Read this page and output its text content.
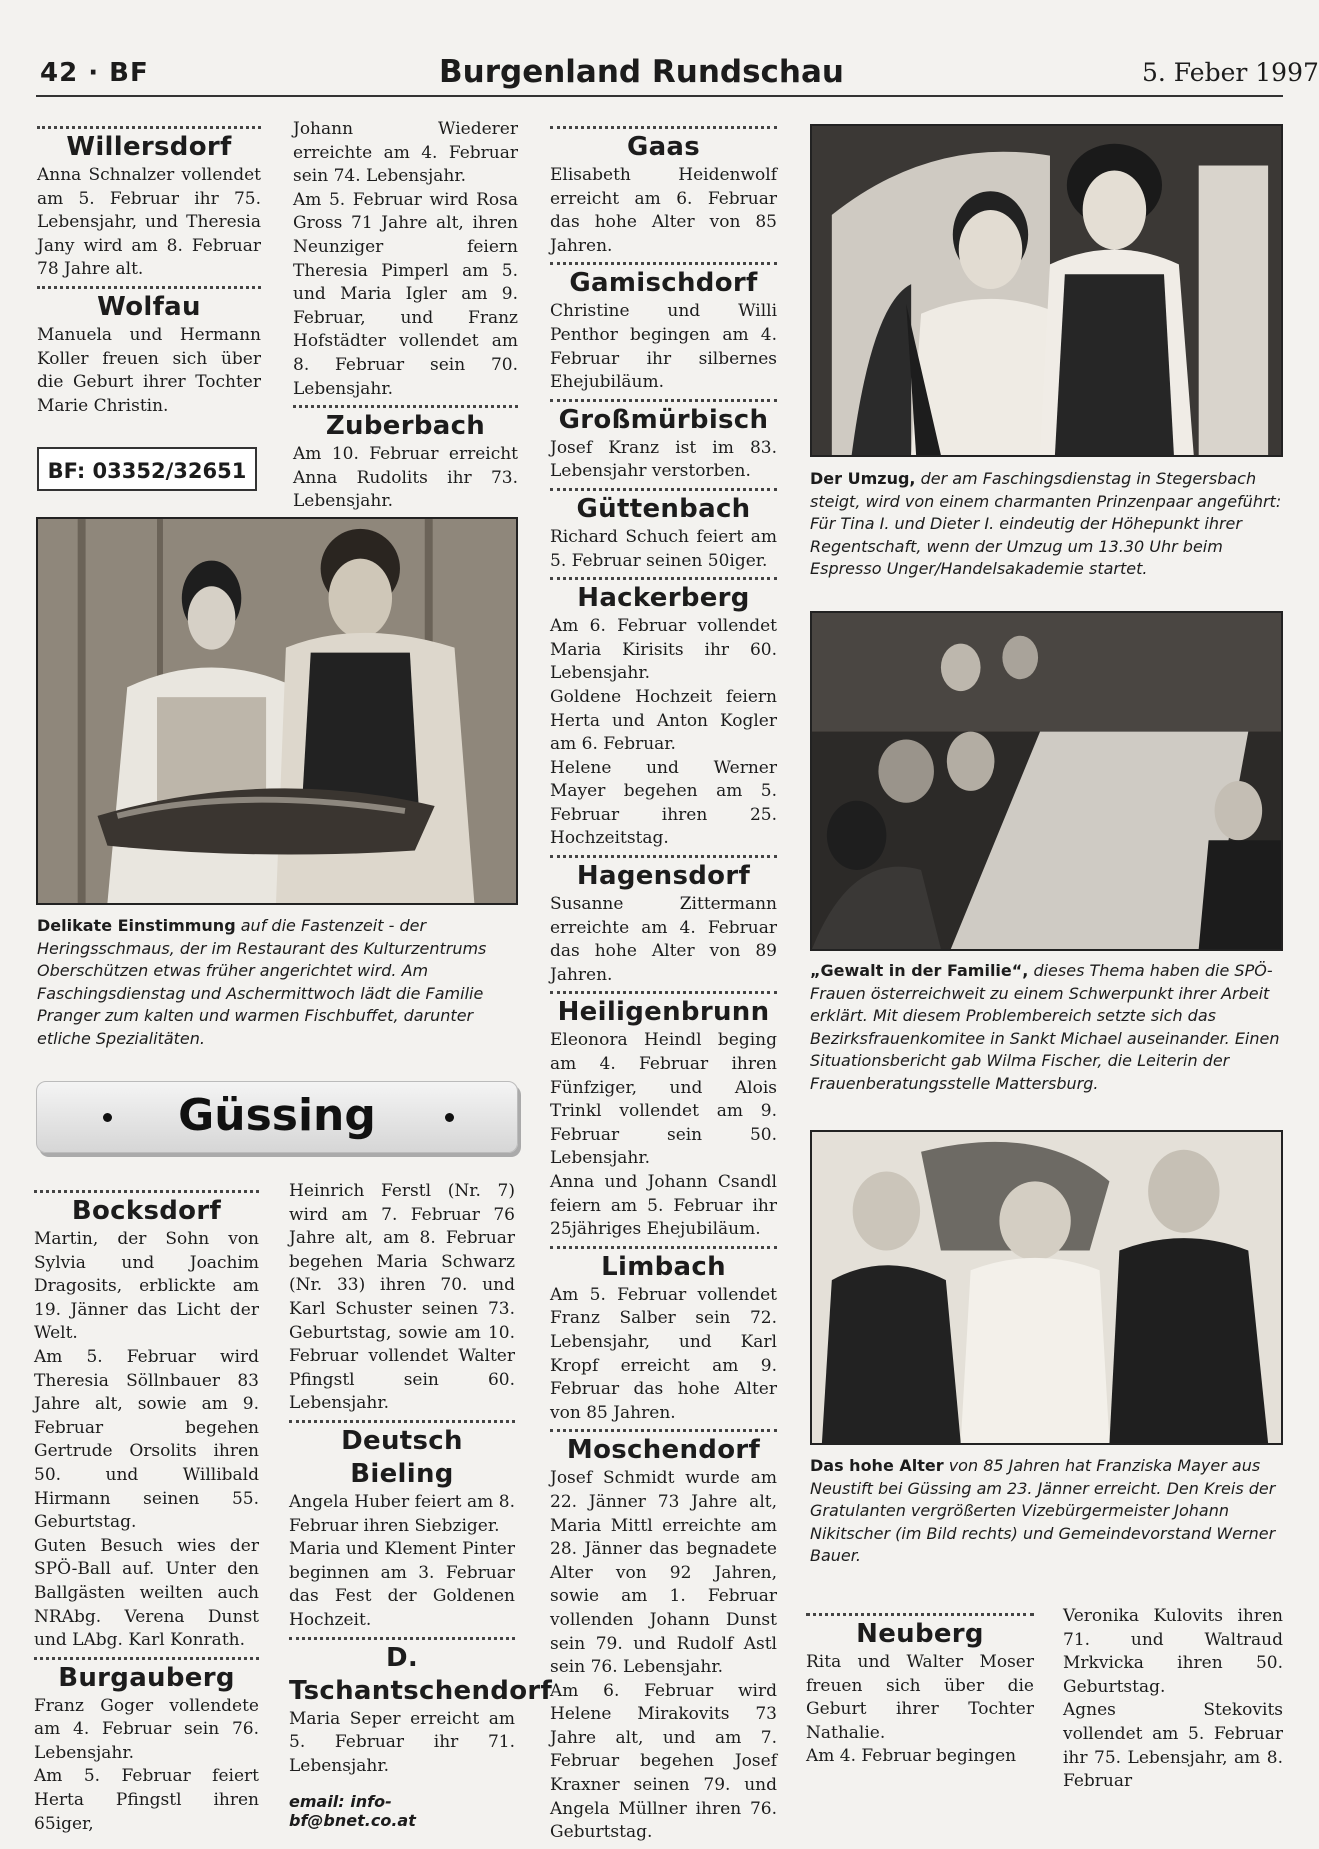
42 · BF	Burgenland Rundschau	5. Feber 1997
Willersdorf

Anna Schnalzer vollendet am 5. Februar ihr 75. Lebensjahr, und Theresia Jany wird am 8. Februar 78 Jahre alt.

Wolfau

Manuela und Hermann Koller freuen sich über die Geburt ihrer Tochter Marie Christin.

BF: 03352/32651

Johann Wiederer erreichte am 4. Februar sein 74. Lebensjahr.

Am 5. Februar wird Rosa Gross 71 Jahre alt, ihren Neunziger feiern Theresia Pimperl am 5. und Maria Igler am 9. Februar, und Franz Hofstädter vollendet am 8. Februar sein 70. Lebensjahr.

Zuberbach

Am 10. Februar erreicht Anna Rudolits ihr 73. Lebensjahr.

Delikate Einstimmung auf die Fastenzeit - der Heringsschmaus, der im Restaurant des Kulturzentrums Oberschützen etwas früher angerichtet wird. Am Faschingsdienstag und Aschermittwoch lädt die Familie Pranger zum kalten und warmen Fischbuffet, darunter etliche Spezialitäten.
Güssing
Bocksdorf

Martin, der Sohn von Sylvia und Joachim Dragosits, erblickte am 19. Jänner das Licht der Welt.

Am 5. Februar wird Theresia Söllnbauer 83 Jahre alt, sowie am 9. Februar begehen Gertrude Orsolits ihren 50. und Willibald Hirmann seinen 55. Geburtstag.

Guten Besuch wies der SPÖ-Ball auf. Unter den Ballgästen weilten auch NRAbg. Verena Dunst und LAbg. Karl Konrath.

Burgauberg

Franz Goger vollendete am 4. Februar sein 76. Lebensjahr.

Am 5. Februar feiert Herta Pfingstl ihren 65iger,

Heinrich Ferstl (Nr. 7) wird am 7. Februar 76 Jahre alt, am 8. Februar begehen Maria Schwarz (Nr. 33) ihren 70. und Karl Schuster seinen 73. Geburtstag, sowie am 10. Februar vollendet Walter Pfingstl sein 60. Lebensjahr.

Deutsch Bieling

Angela Huber feiert am 8. Februar ihren Siebziger.

Maria und Klement Pinter beginnen am 3. Februar das Fest der Goldenen Hochzeit.

D. Tschantschendorf

Maria Seper erreicht am 5. Februar ihr 71. Lebensjahr.

email: info-bf@bnet.co.at
Gaas

Elisabeth Heidenwolf erreicht am 6. Februar das hohe Alter von 85 Jahren.

Gamischdorf

Christine und Willi Penthor begingen am 4. Februar ihr silbernes Ehejubiläum.

Großmürbisch

Josef Kranz ist im 83. Lebensjahr verstorben.

Güttenbach

Richard Schuch feiert am 5. Februar seinen 50iger.

Hackerberg

Am 6. Februar vollendet Maria Kirisits ihr 60. Lebensjahr.

Goldene Hochzeit feiern Herta und Anton Kogler am 6. Februar.

Helene und Werner Mayer begehen am 5. Februar ihren 25. Hochzeitstag.

Hagensdorf

Susanne Zittermann erreichte am 4. Februar das hohe Alter von 89 Jahren.

Heiligenbrunn

Eleonora Heindl beging am 4. Februar ihren Fünfziger, und Alois Trinkl vollendet am 9. Februar sein 50. Lebensjahr.

Anna und Johann Csandl feiern am 5. Februar ihr 25jähriges Ehejubiläum.

Limbach

Am 5. Februar vollendet Franz Salber sein 72. Lebensjahr, und Karl Kropf erreicht am 9. Februar das hohe Alter von 85 Jahren.

Moschendorf

Josef Schmidt wurde am 22. Jänner 73 Jahre alt, Maria Mittl erreichte am 28. Jänner das begnadete Alter von 92 Jahren, sowie am 1. Februar vollenden Johann Dunst sein 79. und Rudolf Astl sein 76. Lebensjahr.

Am 6. Februar wird Helene Mirakovits 73 Jahre alt, und am 7. Februar begehen Josef Kraxner seinen 79. und Angela Müllner ihren 76. Geburtstag.

Der Umzug, der am Faschingsdienstag in Stegersbach steigt, wird von einem charmanten Prinzenpaar angeführt: Für Tina I. und Dieter I. eindeutig der Höhepunkt ihrer Regentschaft, wenn der Umzug um 13.30 Uhr beim Espresso Unger/Handelsakademie startet.
„Gewalt in der Familie“, dieses Thema haben die SPÖ-Frauen österreichweit zu einem Schwerpunkt ihrer Arbeit erklärt. Mit diesem Problembereich setzte sich das Bezirksfrauenkomitee in Sankt Michael auseinander. Einen Situationsbericht gab Wilma Fischer, die Leiterin der Frauenberatungsstelle Mattersburg.
Das hohe Alter von 85 Jahren hat Franziska Mayer aus Neustift bei Güssing am 23. Jänner erreicht. Den Kreis der Gratulanten vergrößerten Vizebürgermeister Johann Nikitscher (im Bild rechts) und Gemeindevorstand Werner Bauer.
Neuberg

Rita und Walter Moser freuen sich über die Geburt ihrer Tochter Nathalie.

Am 4. Februar begingen

Veronika Kulovits ihren 71. und Waltraud Mrkvicka ihren 50. Geburtstag.

Agnes Stekovits vollendet am 5. Februar ihr 75. Lebensjahr, am 8. Februar
